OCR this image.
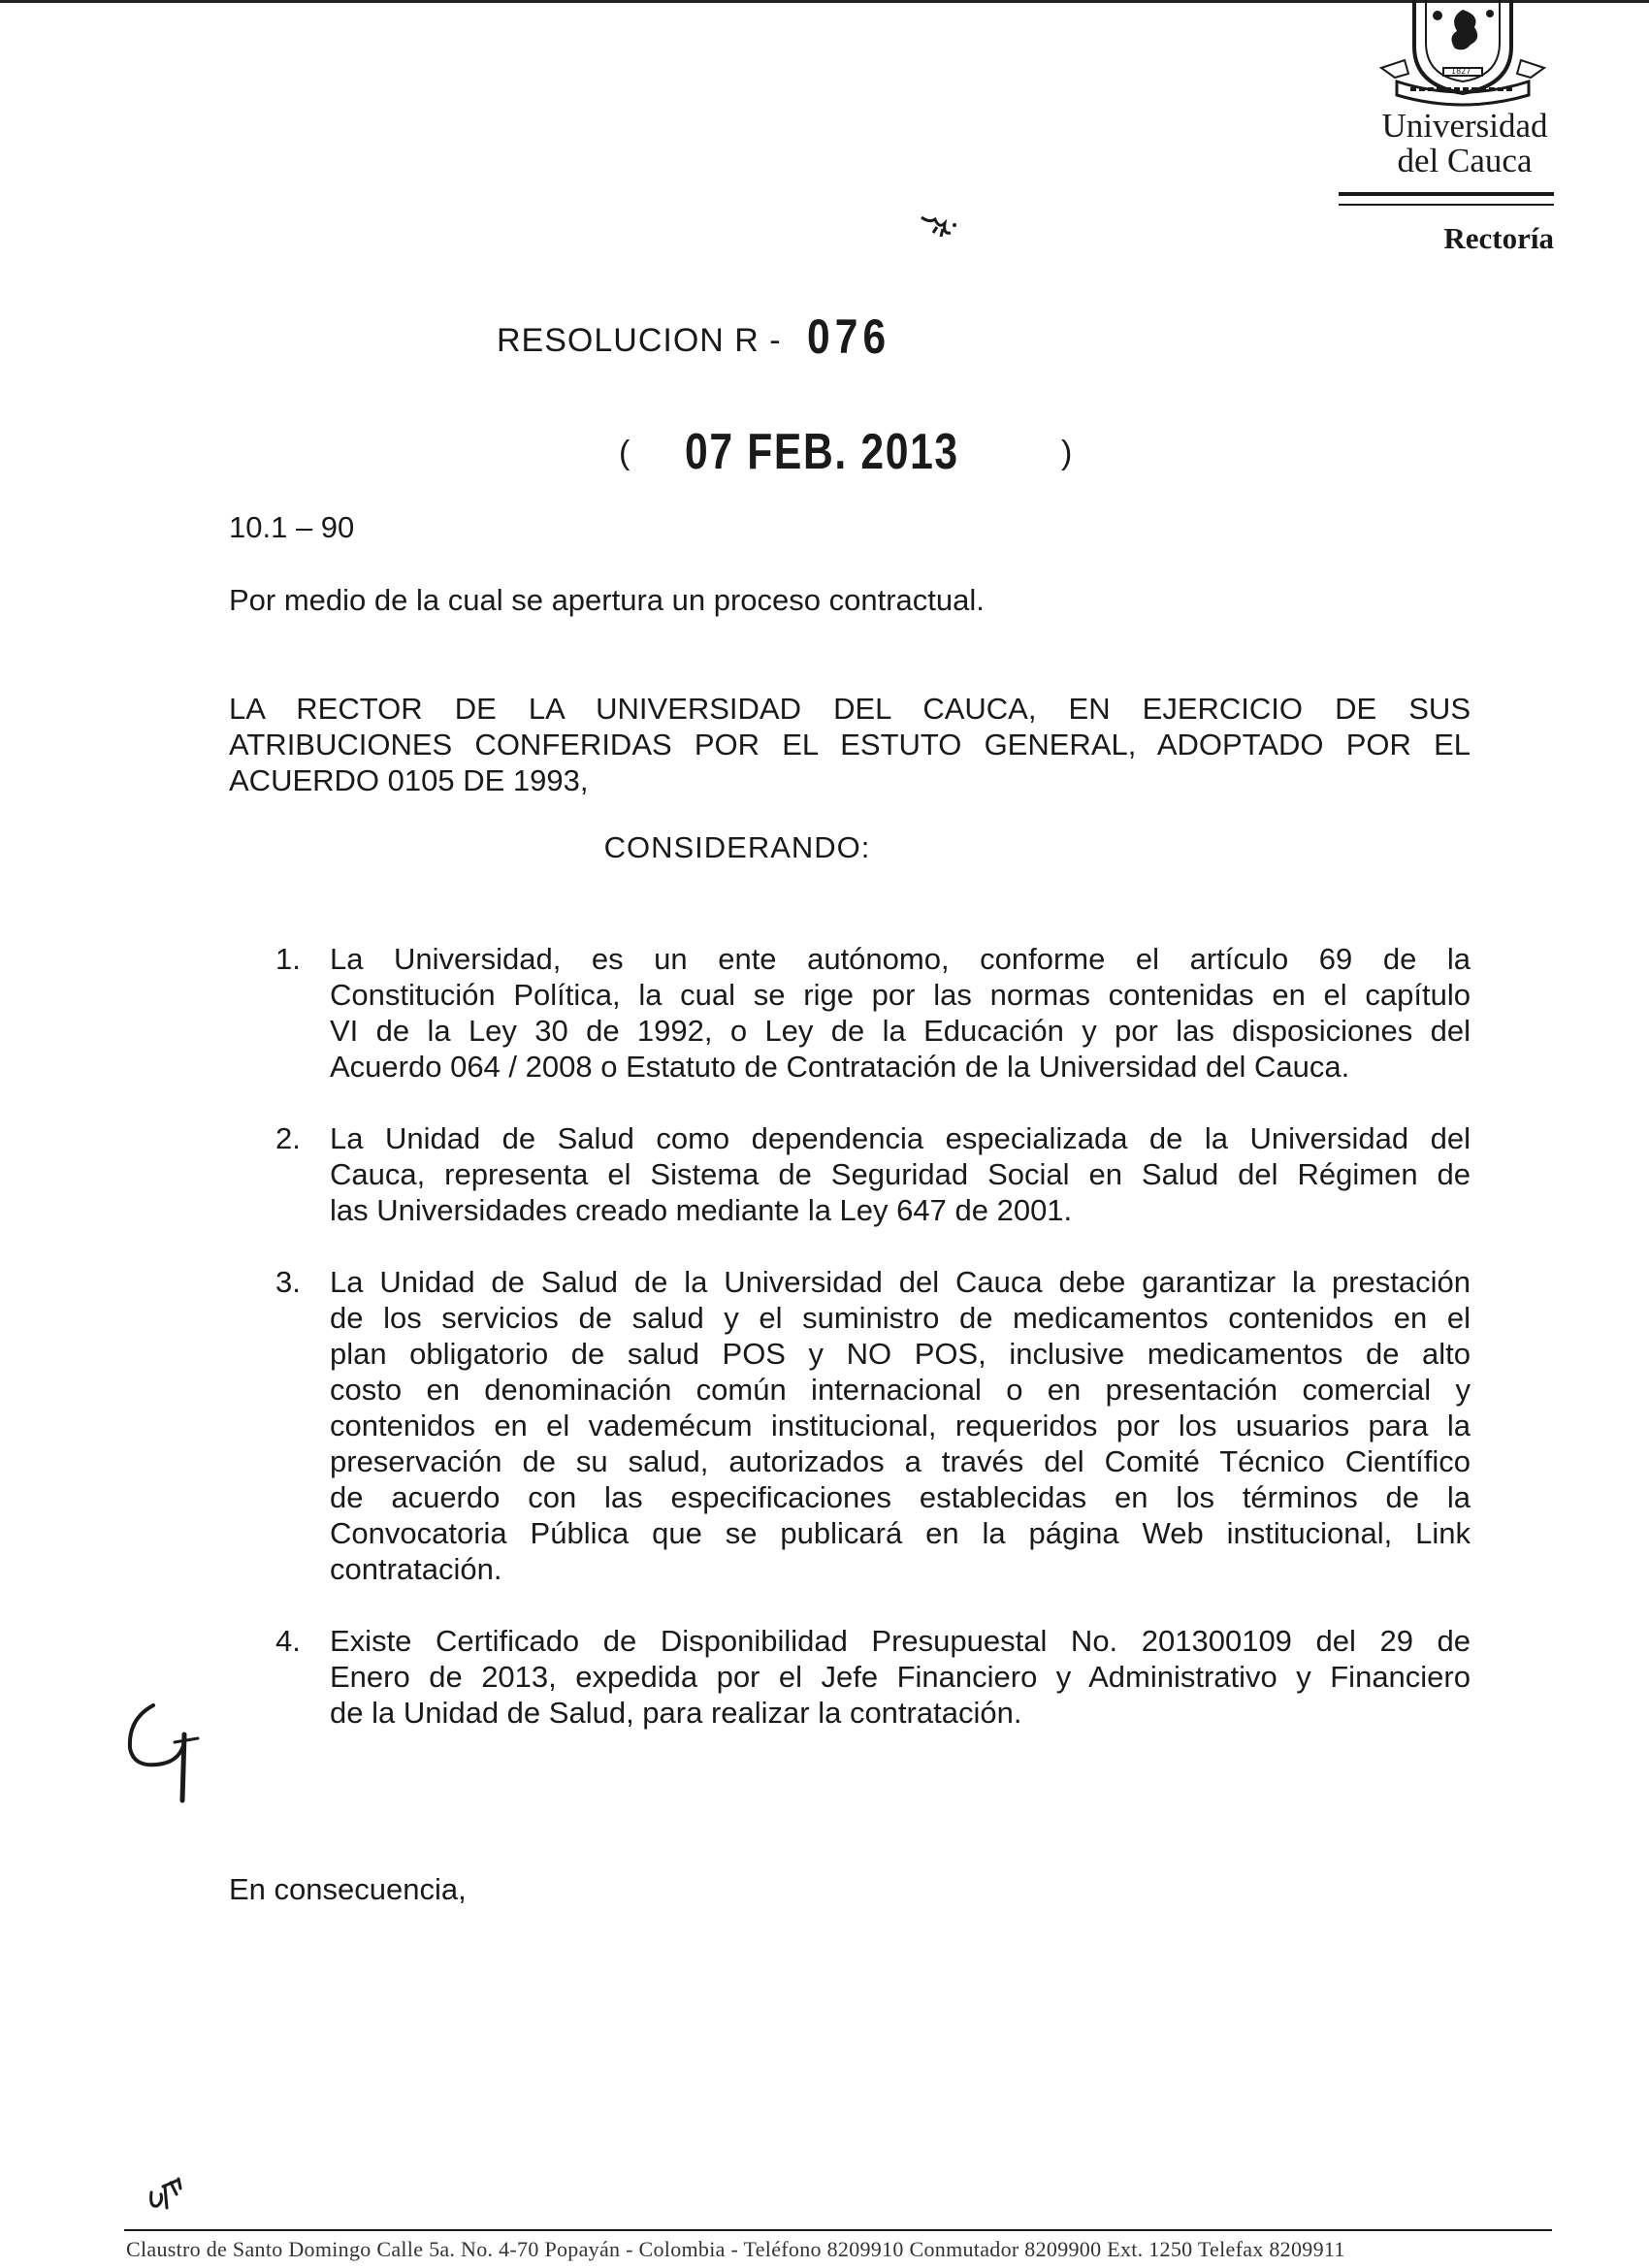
1827
Universidad
del Cauca
Rectoría
RESOLUCION R - 076
( 07 FEB. 2013	)
10.1 – 90
Por medio de la cual se apertura un proceso contractual.
LA RECTOR DE LA UNIVERSIDAD DEL CAUCA, EN EJERCICIO DE SUS
ATRIBUCIONES CONFERIDAS POR EL ESTUTO GENERAL, ADOPTADO POR EL
ACUERDO 0105 DE 1993,
CONSIDERANDO:
1. La Universidad, es un ente autónomo, conforme el artículo 69 de la
Constitución Política, la cual se rige por las normas contenidas en el capítulo
VI de la Ley 30 de 1992, o Ley de la Educación y por las disposiciones del
Acuerdo 064 / 2008 o Estatuto de Contratación de la Universidad del Cauca.
2. La Unidad de Salud como dependencia especializada de la Universidad del
Cauca, representa el Sistema de Seguridad Social en Salud del Régimen de
las Universidades creado mediante la Ley 647 de 2001.
3. La Unidad de Salud de la Universidad del Cauca debe garantizar la prestación
de los servicios de salud y el suministro de medicamentos contenidos en el
plan obligatorio de salud POS y NO POS, inclusive medicamentos de alto
costo en denominación común internacional o en presentación comercial y
contenidos en el vademécum institucional, requeridos por los usuarios para la
preservación de su salud, autorizados a través del Comité Técnico Científico
de acuerdo con las especificaciones establecidas en los términos de la
Convocatoria Pública que se publicará en la página Web institucional, Link
contratación.
4. Existe Certificado de Disponibilidad Presupuestal No. 201300109 del 29 de
Enero de 2013, expedida por el Jefe Financiero y Administrativo y Financiero
de la Unidad de Salud, para realizar la contratación.
En consecuencia,
Claustro de Santo Domingo Calle 5a. No. 4-70 Popayán - Colombia - Teléfono 8209910 Conmutador 8209900 Ext. 1250 Telefax 8209911
